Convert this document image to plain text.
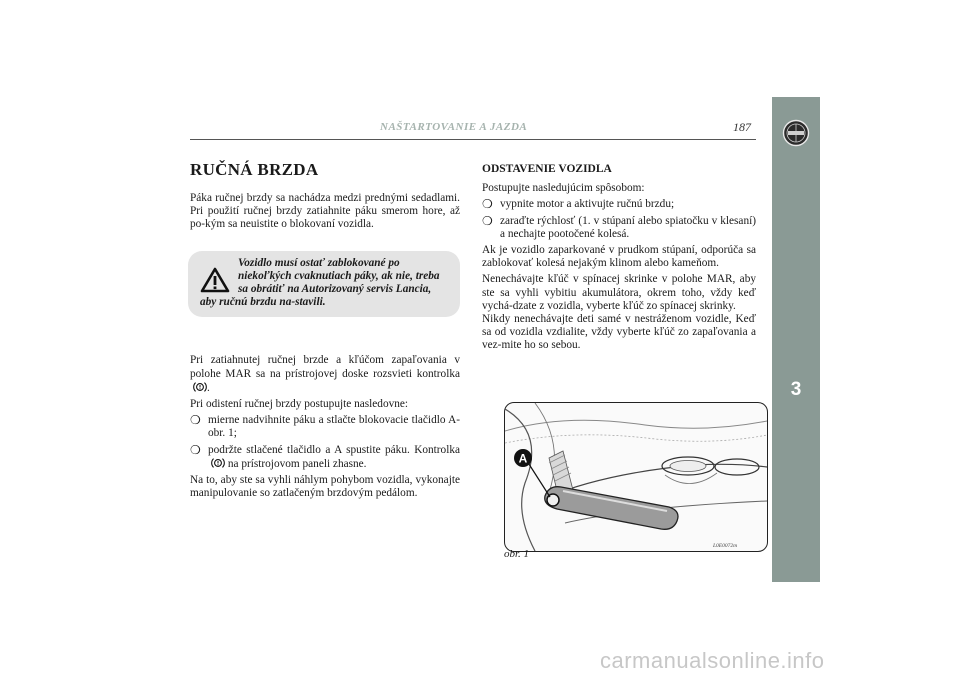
3
NAŠTARTOVANIE A JAZDA	187
RUČNÁ BRZDA

Páka ručnej brzdy sa nachádza medzi prednými sedadlami. Pri použití ručnej brzdy zatiahnite páku smerom hore, až po-kým sa neuistite o blokovaní vozidla.

Vozidlo musí ostať zablokované po niekoľkých cvaknutiach páky, ak nie, treba sa obrátiť na Autorizovaný servis Lancia, aby ručnú brzdu na-stavili.

Pri zatiahnutej ručnej brzde a kľúčom zapaľovania v polohe MAR sa na prístrojovej doske rozsvieti kontrolka.

Pri odistení ručnej brzdy postupujte nasledovne:

❍ mierne nadvihnite páku a stlačte blokovacie tlačidlo A-obr. 1;
❍ podržte stlačené tlačidlo a A spustite páku. Kontrolka na prístrojovom paneli zhasne.

Na to, aby ste sa vyhli náhlym pohybom vozidla, vykonajte manipulovanie so zatlačeným brzdovým pedálom.

ODSTAVENIE VOZIDLA

Postupujte nasledujúcim spôsobom:

❍ vypnite motor a aktivujte ručnú brzdu;
❍ zaraďte rýchlosť (1. v stúpaní alebo spiatočku v klesaní) a nechajte pootočené kolesá.

Ak je vozidlo zaparkované v prudkom stúpaní, odporúča sa zablokovať kolesá nejakým klinom alebo kameňom.

Nenechávajte kľúč v spínacej skrinke v polohe MAR, aby ste sa vyhli vybitiu akumulátora, okrem toho, vždy keď vychá-dzate z vozidla, vyberte kľúč zo spínacej skrinky.

Nikdy nenechávajte deti samé v nestráženom vozidle, Keď sa od vozidla vzdialite, vždy vyberte kľúč zo zapaľovania a vez-mite ho so sebou.

A
obr. 1
L0E0072m
carmanualsonline.info
